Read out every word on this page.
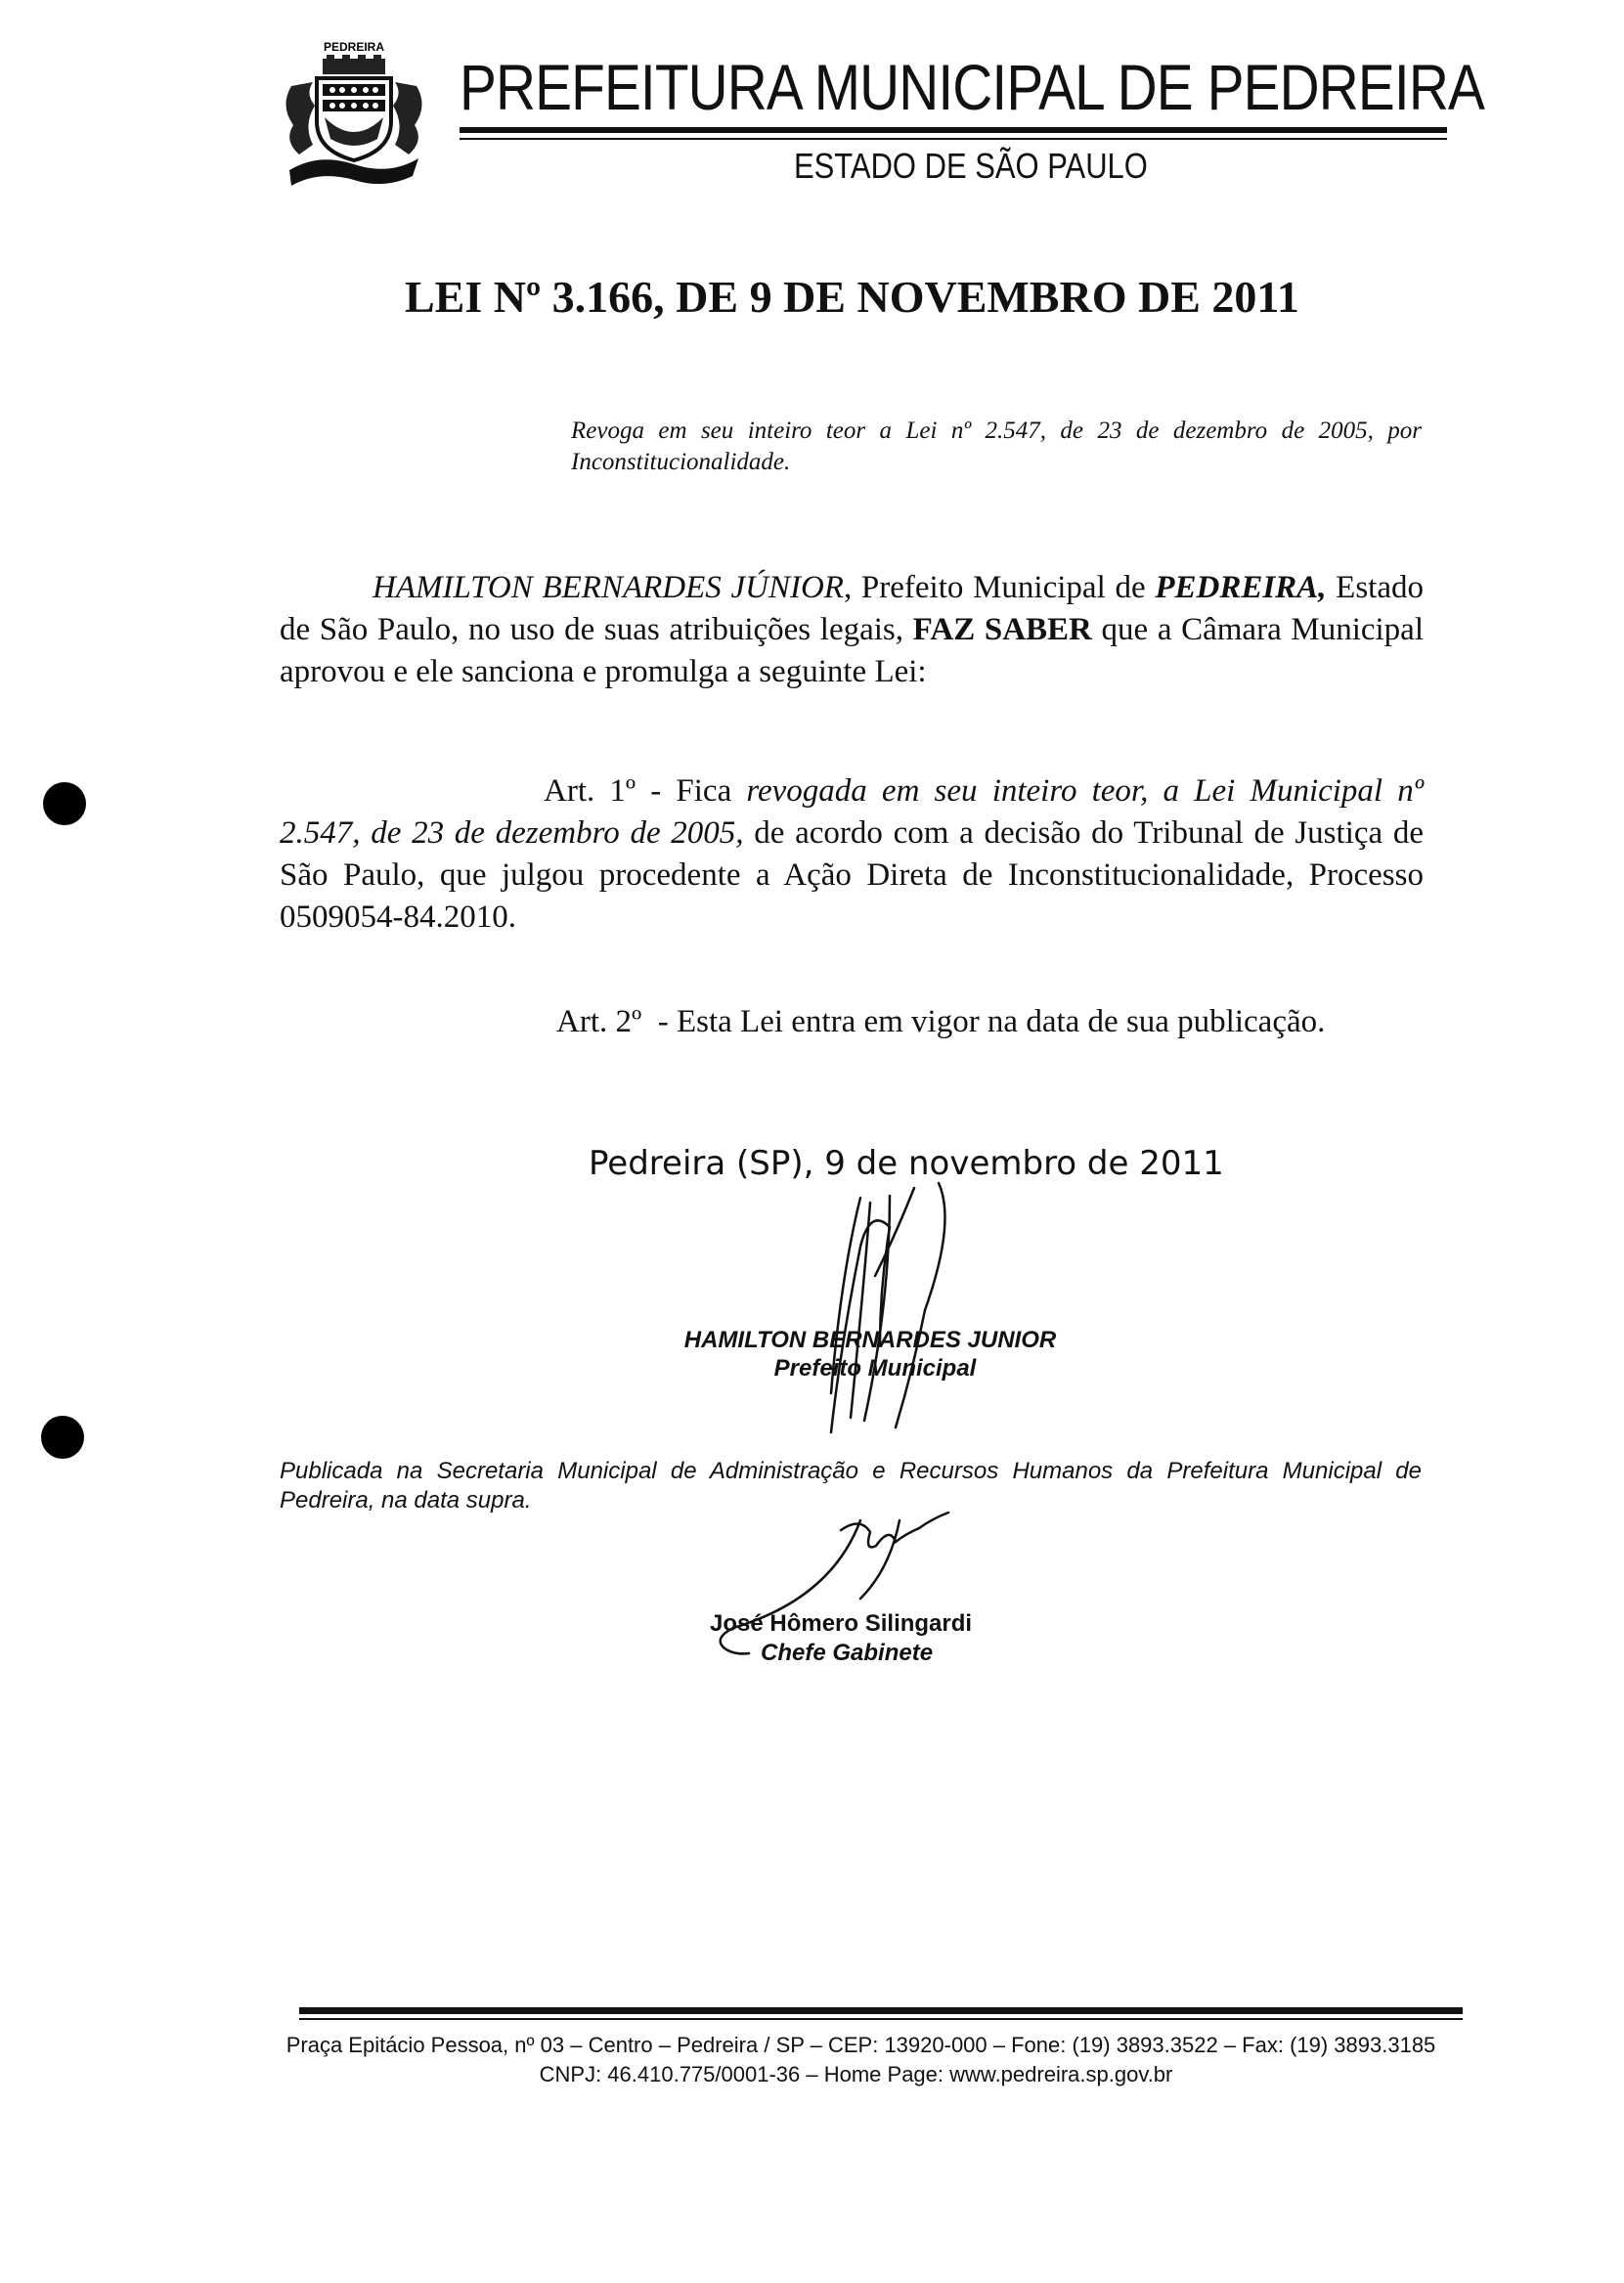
PEDREIRA
PREFEITURA MUNICIPAL DE PEDREIRA
ESTADO DE SÃO PAULO
LEI Nº 3.166, DE 9 DE NOVEMBRO DE 2011
Revoga em seu inteiro teor a Lei nº 2.547, de 23 de dezembro de 2005, por Inconstitucionalidade.
HAMILTON BERNARDES JÚNIOR, Prefeito Municipal de PEDREIRA, Estado de São Paulo, no uso de suas atribuições legais, FAZ SABER que a Câmara Municipal aprovou e ele sanciona e promulga a seguinte Lei:
Art. 1º - Fica revogada em seu inteiro teor, a Lei Municipal nº 2.547, de 23 de dezembro de 2005, de acordo com a decisão do Tribunal de Justiça de São Paulo, que julgou procedente a Ação Direta de Inconstitucionalidade, Processo 0509054-84.2010.
Art. 2º  - Esta Lei entra em vigor na data de sua publicação.
Pedreira (SP), 9 de novembro de 2011
HAMILTON BERNARDES JUNIOR
Prefeito Municipal
Publicada na Secretaria Municipal de Administração e Recursos Humanos da Prefeitura Municipal de Pedreira, na data supra.
José Hômero Silingardi
Chefe Gabinete
Praça Epitácio Pessoa, nº 03 – Centro – Pedreira / SP – CEP: 13920-000 – Fone: (19) 3893.3522 – Fax: (19) 3893.3185
CNPJ: 46.410.775/0001-36 – Home Page: www.pedreira.sp.gov.br
